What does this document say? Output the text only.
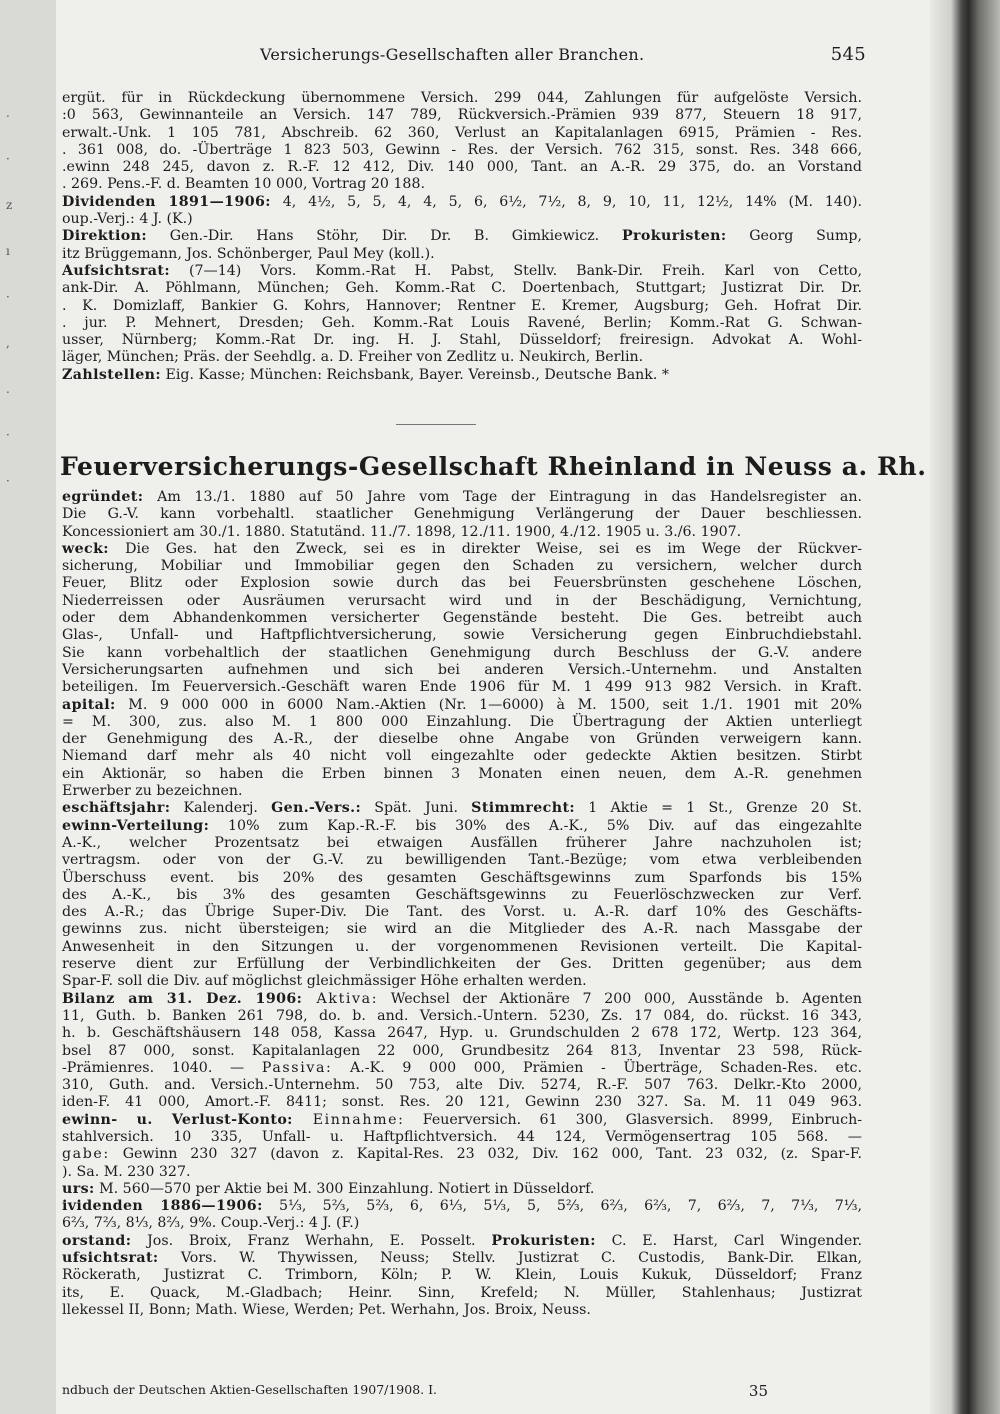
.
·
z
ı
·
,
.
·
·
Versicherungs-Gesellschaften aller Branchen.	545
ergüt. für in Rückdeckung übernommene Versich. 299 044, Zahlungen für aufgelöste Versich.
:0 563, Gewinnanteile an Versich. 147 789, Rückversich.-Prämien 939 877, Steuern 18 917,
erwalt.-Unk. 1 105 781, Abschreib. 62 360, Verlust an Kapitalanlagen 6915, Prämien - Res.
. 361 008, do. -Überträge 1 823 503, Gewinn - Res. der Versich. 762 315, sonst. Res. 348 666,
.ewinn 248 245, davon z. R.-F. 12 412, Div. 140 000, Tant. an A.-R. 29 375, do. an Vorstand
. 269. Pens.-F. d. Beamten 10 000, Vortrag 20 188.
Dividenden 1891—1906: 4, 4½, 5, 5, 4, 4, 5, 6, 6½, 7½, 8, 9, 10, 11, 12½, 14% (M. 140).
oup.-Verj.: 4 J. (K.)
Direktion: Gen.-Dir. Hans Stöhr, Dir. Dr. B. Gimkiewicz. Prokuristen: Georg Sump,
itz Brüggemann, Jos. Schönberger, Paul Mey (koll.).
Aufsichtsrat: (7—14) Vors. Komm.-Rat H. Pabst, Stellv. Bank-Dir. Freih. Karl von Cetto,
ank-Dir. A. Pöhlmann, München; Geh. Komm.-Rat C. Doertenbach, Stuttgart; Justizrat Dir. Dr.
. K. Domizlaff, Bankier G. Kohrs, Hannover; Rentner E. Kremer, Augsburg; Geh. Hofrat Dir.
. jur. P. Mehnert, Dresden; Geh. Komm.-Rat Louis Ravené, Berlin; Komm.-Rat G. Schwan-
usser, Nürnberg; Komm.-Rat Dr. ing. H. J. Stahl, Düsseldorf; freiresign. Advokat A. Wohl-
läger, München; Präs. der Seehdlg. a. D. Freiher von Zedlitz u. Neukirch, Berlin.
Zahlstellen: Eig. Kasse; München: Reichsbank, Bayer. Vereinsb., Deutsche Bank. *
Feuerversicherungs-Gesellschaft Rheinland in Neuss a. Rh.
egründet: Am 13./1. 1880 auf 50 Jahre vom Tage der Eintragung in das Handelsregister an.
Die G.-V. kann vorbehaltl. staatlicher Genehmigung Verlängerung der Dauer beschliessen.
Koncessioniert am 30./1. 1880. Statutänd. 11./7. 1898, 12./11. 1900, 4./12. 1905 u. 3./6. 1907.
weck: Die Ges. hat den Zweck, sei es in direkter Weise, sei es im Wege der Rückver-
sicherung, Mobiliar und Immobiliar gegen den Schaden zu versichern, welcher durch
Feuer, Blitz oder Explosion sowie durch das bei Feuersbrünsten geschehene Löschen,
Niederreissen oder Ausräumen verursacht wird und in der Beschädigung, Vernichtung,
oder dem Abhandenkommen versicherter Gegenstände besteht. Die Ges. betreibt auch
Glas-, Unfall- und Haftpflichtversicherung, sowie Versicherung gegen Einbruchdiebstahl.
Sie kann vorbehaltlich der staatlichen Genehmigung durch Beschluss der G.-V. andere
Versicherungsarten aufnehmen und sich bei anderen Versich.-Unternehm. und Anstalten
beteiligen. Im Feuerversich.-Geschäft waren Ende 1906 für M. 1 499 913 982 Versich. in Kraft.
apital: M. 9 000 000 in 6000 Nam.-Aktien (Nr. 1—6000) à M. 1500, seit 1./1. 1901 mit 20%
= M. 300, zus. also M. 1 800 000 Einzahlung. Die Übertragung der Aktien unterliegt
der Genehmigung des A.-R., der dieselbe ohne Angabe von Gründen verweigern kann.
Niemand darf mehr als 40 nicht voll eingezahlte oder gedeckte Aktien besitzen. Stirbt
ein Aktionär, so haben die Erben binnen 3 Monaten einen neuen, dem A.-R. genehmen
Erwerber zu bezeichnen.
eschäftsjahr: Kalenderj. Gen.-Vers.: Spät. Juni. Stimmrecht: 1 Aktie = 1 St., Grenze 20 St.
ewinn-Verteilung: 10% zum Kap.-R.-F. bis 30% des A.-K., 5% Div. auf das eingezahlte
A.-K., welcher Prozentsatz bei etwaigen Ausfällen früherer Jahre nachzuholen ist;
vertragsm. oder von der G.-V. zu bewilligenden Tant.-Bezüge; vom etwa verbleibenden
Überschuss event. bis 20% des gesamten Geschäftsgewinns zum Sparfonds bis 15%
des A.-K., bis 3% des gesamten Geschäftsgewinns zu Feuerlöschzwecken zur Verf.
des A.-R.; das Übrige Super-Div. Die Tant. des Vorst. u. A.-R. darf 10% des Geschäfts-
gewinns zus. nicht übersteigen; sie wird an die Mitglieder des A.-R. nach Massgabe der
Anwesenheit in den Sitzungen u. der vorgenommenen Revisionen verteilt. Die Kapital-
reserve dient zur Erfüllung der Verbindlichkeiten der Ges. Dritten gegenüber; aus dem
Spar-F. soll die Div. auf möglichst gleichmässiger Höhe erhalten werden.
Bilanz am 31. Dez. 1906: Aktiva: Wechsel der Aktionäre 7 200 000, Ausstände b. Agenten
11, Guth. b. Banken 261 798, do. b. and. Versich.-Untern. 5230, Zs. 17 084, do. rückst. 16 343,
h. b. Geschäftshäusern 148 058, Kassa 2647, Hyp. u. Grundschulden 2 678 172, Wertp. 123 364,
bsel 87 000, sonst. Kapitalanlagen 22 000, Grundbesitz 264 813, Inventar 23 598, Rück-
-Prämienres. 1040. — Passiva: A.-K. 9 000 000, Prämien - Überträge, Schaden-Res. etc.
310, Guth. and. Versich.-Unternehm. 50 753, alte Div. 5274, R.-F. 507 763. Delkr.-Kto 2000,
iden-F. 41 000, Amort.-F. 8411; sonst. Res. 20 121, Gewinn 230 327. Sa. M. 11 049 963.
ewinn- u. Verlust-Konto: Einnahme: Feuerversich. 61 300, Glasversich. 8999, Einbruch-
stahlversich. 10 335, Unfall- u. Haftpflichtversich. 44 124, Vermögensertrag 105 568. —
gabe: Gewinn 230 327 (davon z. Kapital-Res. 23 032, Div. 162 000, Tant. 23 032, (z. Spar-F.
). Sa. M. 230 327.
urs: M. 560—570 per Aktie bei M. 300 Einzahlung. Notiert in Düsseldorf.
ividenden 1886—1906: 5⅓, 5⅔, 5⅔, 6, 6⅓, 5⅓, 5, 5⅔, 6⅔, 6⅔, 7, 6⅔, 7, 7⅓, 7⅓,
6⅔, 7⅔, 8⅓, 8⅔, 9%. Coup.-Verj.: 4 J. (F.)
orstand: Jos. Broix, Franz Werhahn, E. Posselt. Prokuristen: C. E. Harst, Carl Wingender.
ufsichtsrat: Vors. W. Thywissen, Neuss; Stellv. Justizrat C. Custodis, Bank-Dir. Elkan,
Röckerath, Justizrat C. Trimborn, Köln; P. W. Klein, Louis Kukuk, Düsseldorf; Franz
its, E. Quack, M.-Gladbach; Heinr. Sinn, Krefeld; N. Müller, Stahlenhaus; Justizrat
llekessel II, Bonn; Math. Wiese, Werden; Pet. Werhahn, Jos. Broix, Neuss.
ndbuch der Deutschen Aktien-Gesellschaften 1907/1908. I.	35
